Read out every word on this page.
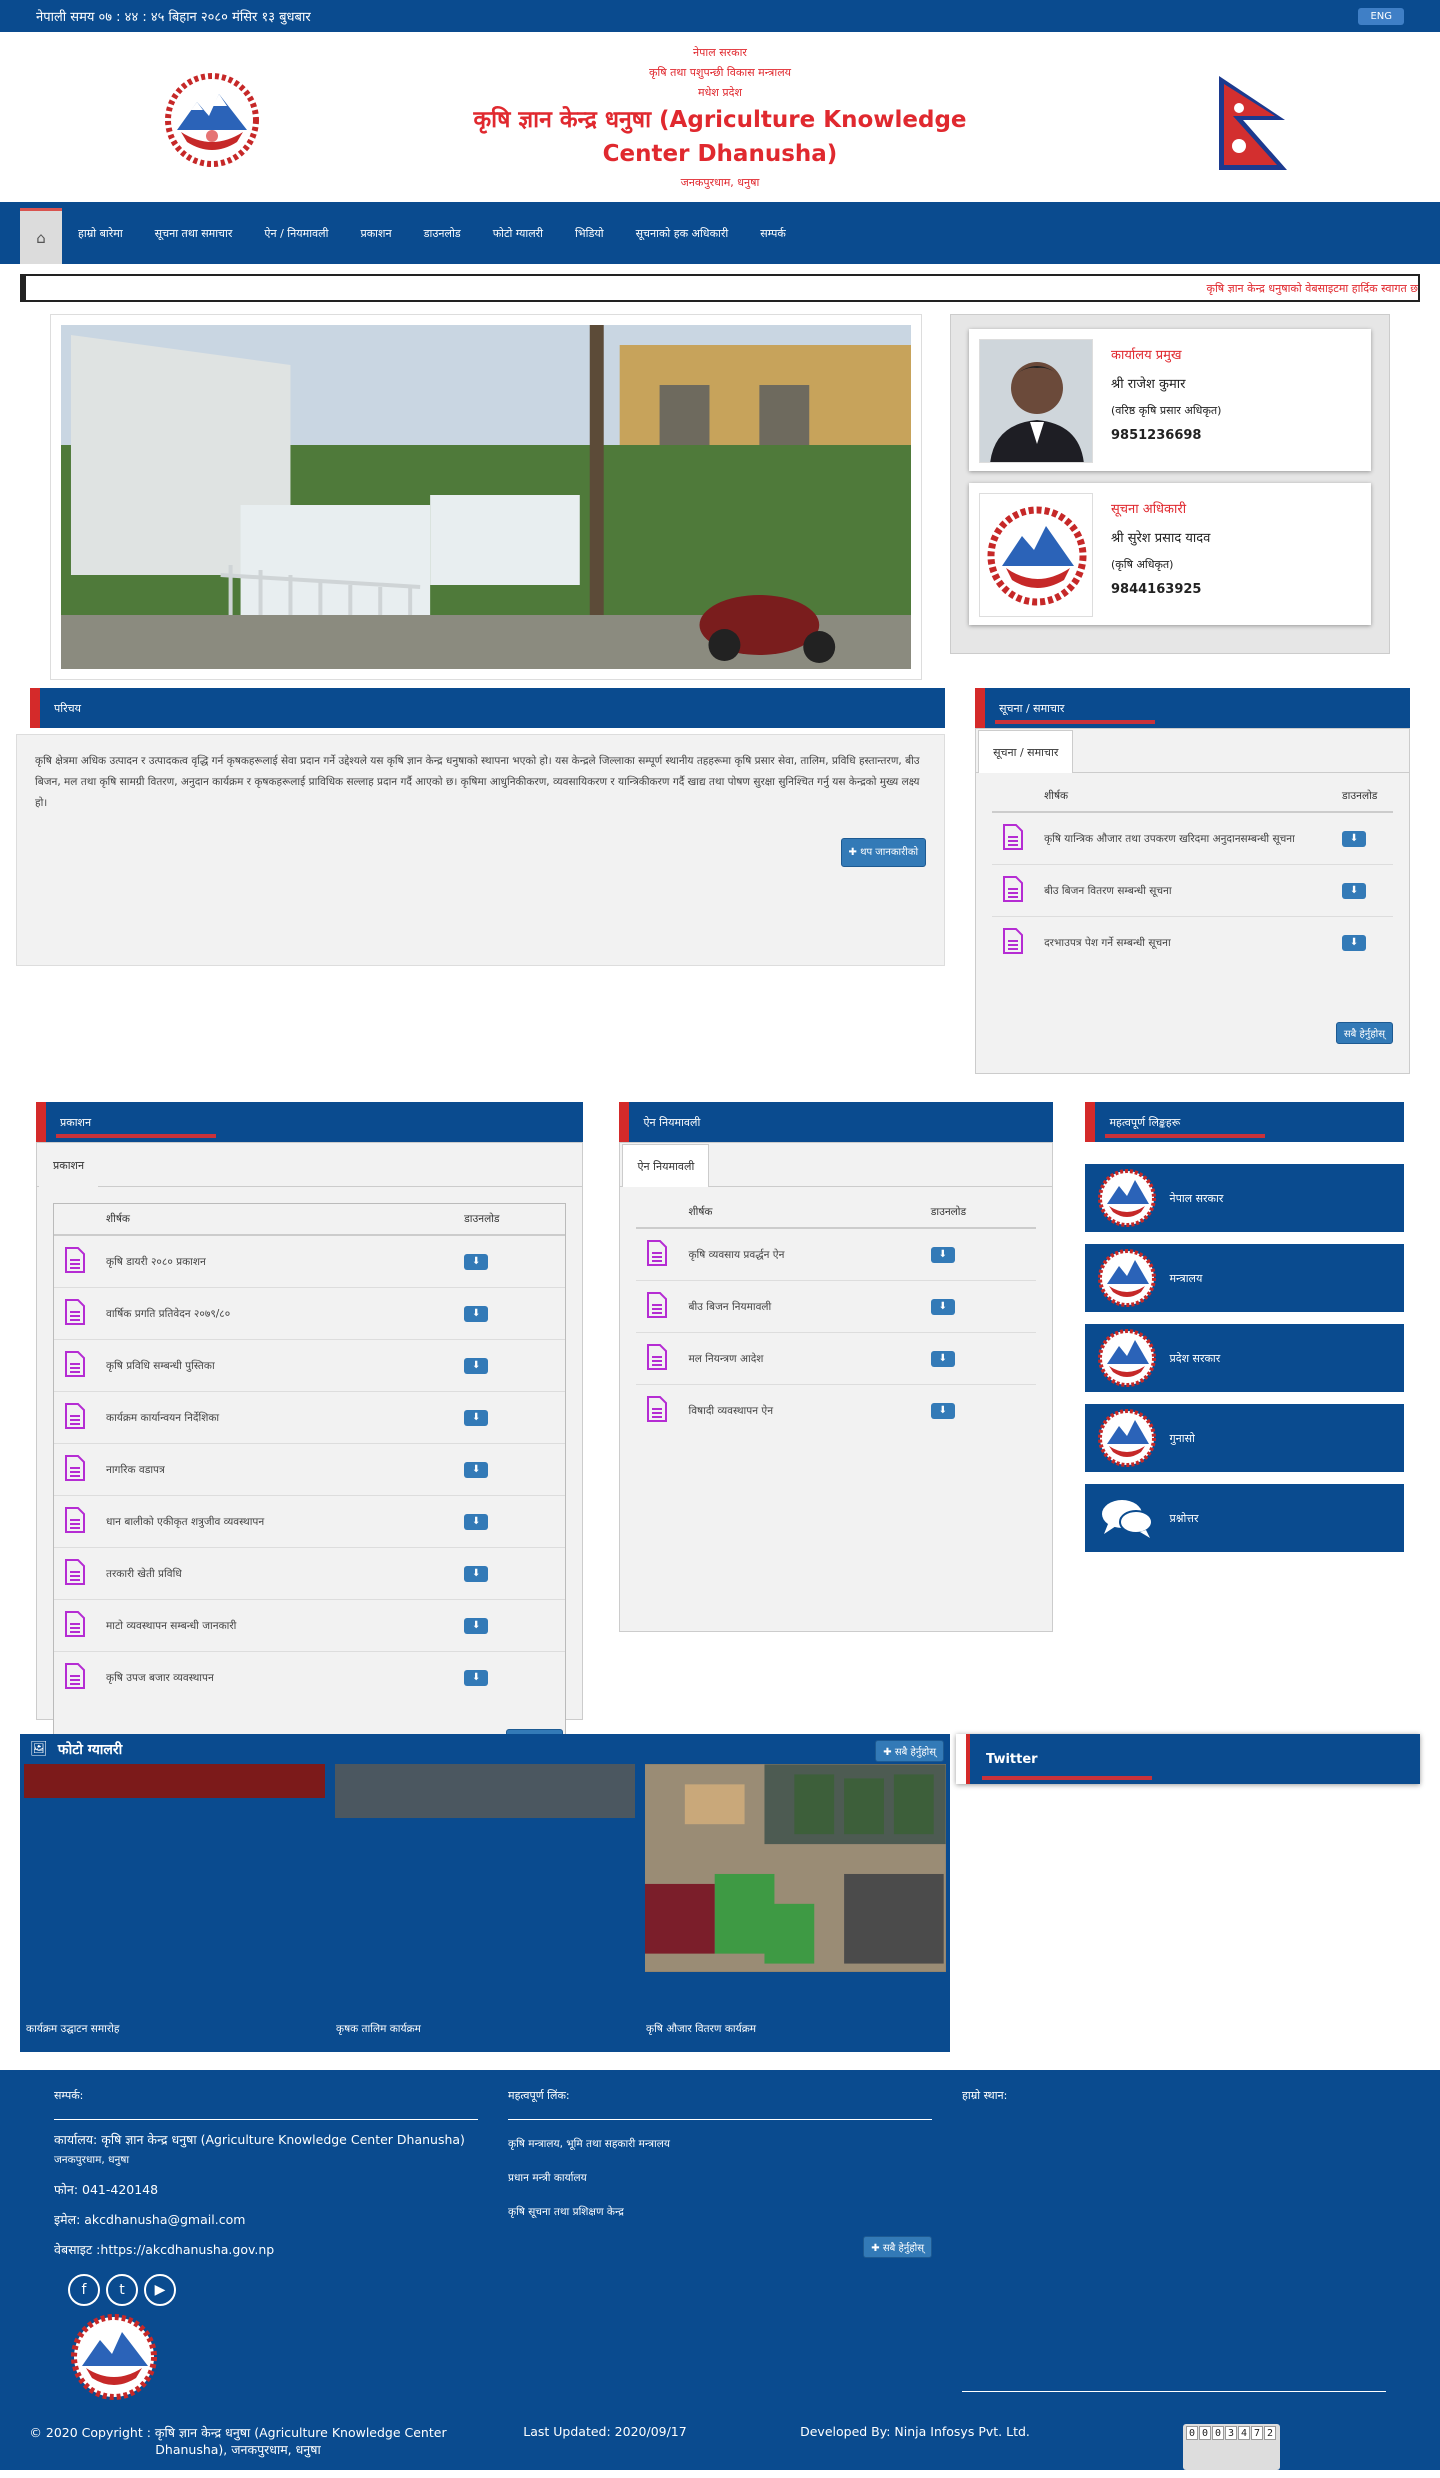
नेपाली समय ०७ : ४४ : ४५ बिहान २०८० मंसिर १३ बुधबार	ENG
नेपाल सरकार
कृषि तथा पशुपन्छी विकास मन्त्रालय
मधेश प्रदेश
कृषि ज्ञान केन्द्र धनुषा (Agriculture Knowledge Center Dhanusha)
जनकपुरधाम, धनुषा
⌂	हाम्रो बारेमा	सूचना तथा समाचार	ऐन / नियमावली	प्रकाशन	डाउनलोड	फोटो ग्यालरी	भिडियो	सूचनाको हक अधिकारी	सम्पर्क
कृषि ज्ञान केन्द्र धनुषाको वेबसाइटमा हार्दिक स्वागत छ
कार्यालय प्रमुख
श्री राजेश कुमार
(वरिष्ठ कृषि प्रसार अधिकृत)
9851236698
सूचना अधिकारी
श्री सुरेश प्रसाद यादव
(कृषि अधिकृत)
9844163925
परिचय

कृषि क्षेत्रमा अधिक उत्पादन र उत्पादकत्व वृद्धि गर्न कृषकहरूलाई सेवा प्रदान गर्ने उद्देश्यले यस कृषि ज्ञान केन्द्र धनुषाको स्थापना भएको हो। यस केन्द्रले जिल्लाका सम्पूर्ण स्थानीय तहहरूमा कृषि प्रसार सेवा, तालिम, प्रविधि हस्तान्तरण, बीउ बिजन, मल तथा कृषि सामग्री वितरण, अनुदान कार्यक्रम र कृषकहरूलाई प्राविधिक सल्लाह प्रदान गर्दै आएको छ। कृषिमा आधुनिकीकरण, व्यवसायिकरण र यान्त्रिकीकरण गर्दै खाद्य तथा पोषण सुरक्षा सुनिश्चित गर्नु यस केन्द्रको मुख्य लक्ष्य हो।

✚ थप जानकारीको
सूचना / समाचार
सूचना / समाचार
	शीर्षक	डाउनलोड
	कृषि यान्त्रिक औजार तथा उपकरण खरिदमा अनुदानसम्बन्धी सूचना	⬇
	बीउ बिजन वितरण सम्बन्धी सूचना	⬇
	दरभाउपत्र पेश गर्ने सम्बन्धी सूचना	⬇
सबै हेर्नुहोस्
प्रकाशन
प्रकाशन
	शीर्षक	डाउनलोड
	कृषि डायरी २०८० प्रकाशन	⬇
	वार्षिक प्रगति प्रतिवेदन २०७९/८०	⬇
	कृषि प्रविधि सम्बन्धी पुस्तिका	⬇
	कार्यक्रम कार्यान्वयन निर्देशिका	⬇
	नागरिक वडापत्र	⬇
	धान बालीको एकीकृत शत्रुजीव व्यवस्थापन	⬇
	तरकारी खेती प्रविधि	⬇
	माटो व्यवस्थापन सम्बन्धी जानकारी	⬇
	कृषि उपज बजार व्यवस्थापन	⬇
ऐन नियमावली
ऐन नियमावली
	शीर्षक	डाउनलोड
	कृषि व्यवसाय प्रवर्द्धन ऐन	⬇
	बीउ बिजन नियमावली	⬇
	मल नियन्त्रण आदेश	⬇
	विषादी व्यवस्थापन ऐन	⬇
महत्वपूर्ण लिङ्कहरू
नेपाल सरकार
मन्त्रालय
प्रदेश सरकार
गुनासो
प्रश्नोत्तर
🖼 फोटो ग्यालरी	✚ सबै हेर्नुहोस्
कार्यक्रम उद्घाटन समारोह	कृषक तालिम कार्यक्रम	कृषि औजार वितरण कार्यक्रम
Twitter
सम्पर्क:

कार्यालय: कृषि ज्ञान केन्द्र धनुषा (Agriculture Knowledge Center Dhanusha)

जनकपुरधाम, धनुषा

फोन: 041-420148

इमेल: akcdhanusha@gmail.com

वेबसाइट :https://akcdhanusha.gov.np

f	t	▶
महत्वपूर्ण लिंक:

कृषि मन्त्रालय, भूमि तथा सहकारी मन्त्रालय

प्रधान मन्त्री कार्यालय

कृषि सूचना तथा प्रशिक्षण केन्द्र

✚ सबै हेर्नुहोस्
हाम्रो स्थान:
© 2020 Copyright : कृषि ज्ञान केन्द्र धनुषा (Agriculture Knowledge Center Dhanusha), जनकपुरधाम, धनुषा
Last Updated: 2020/09/17	Developed By: Ninja Infosys Pvt. Ltd.	0 0 0 3 4 7 2
